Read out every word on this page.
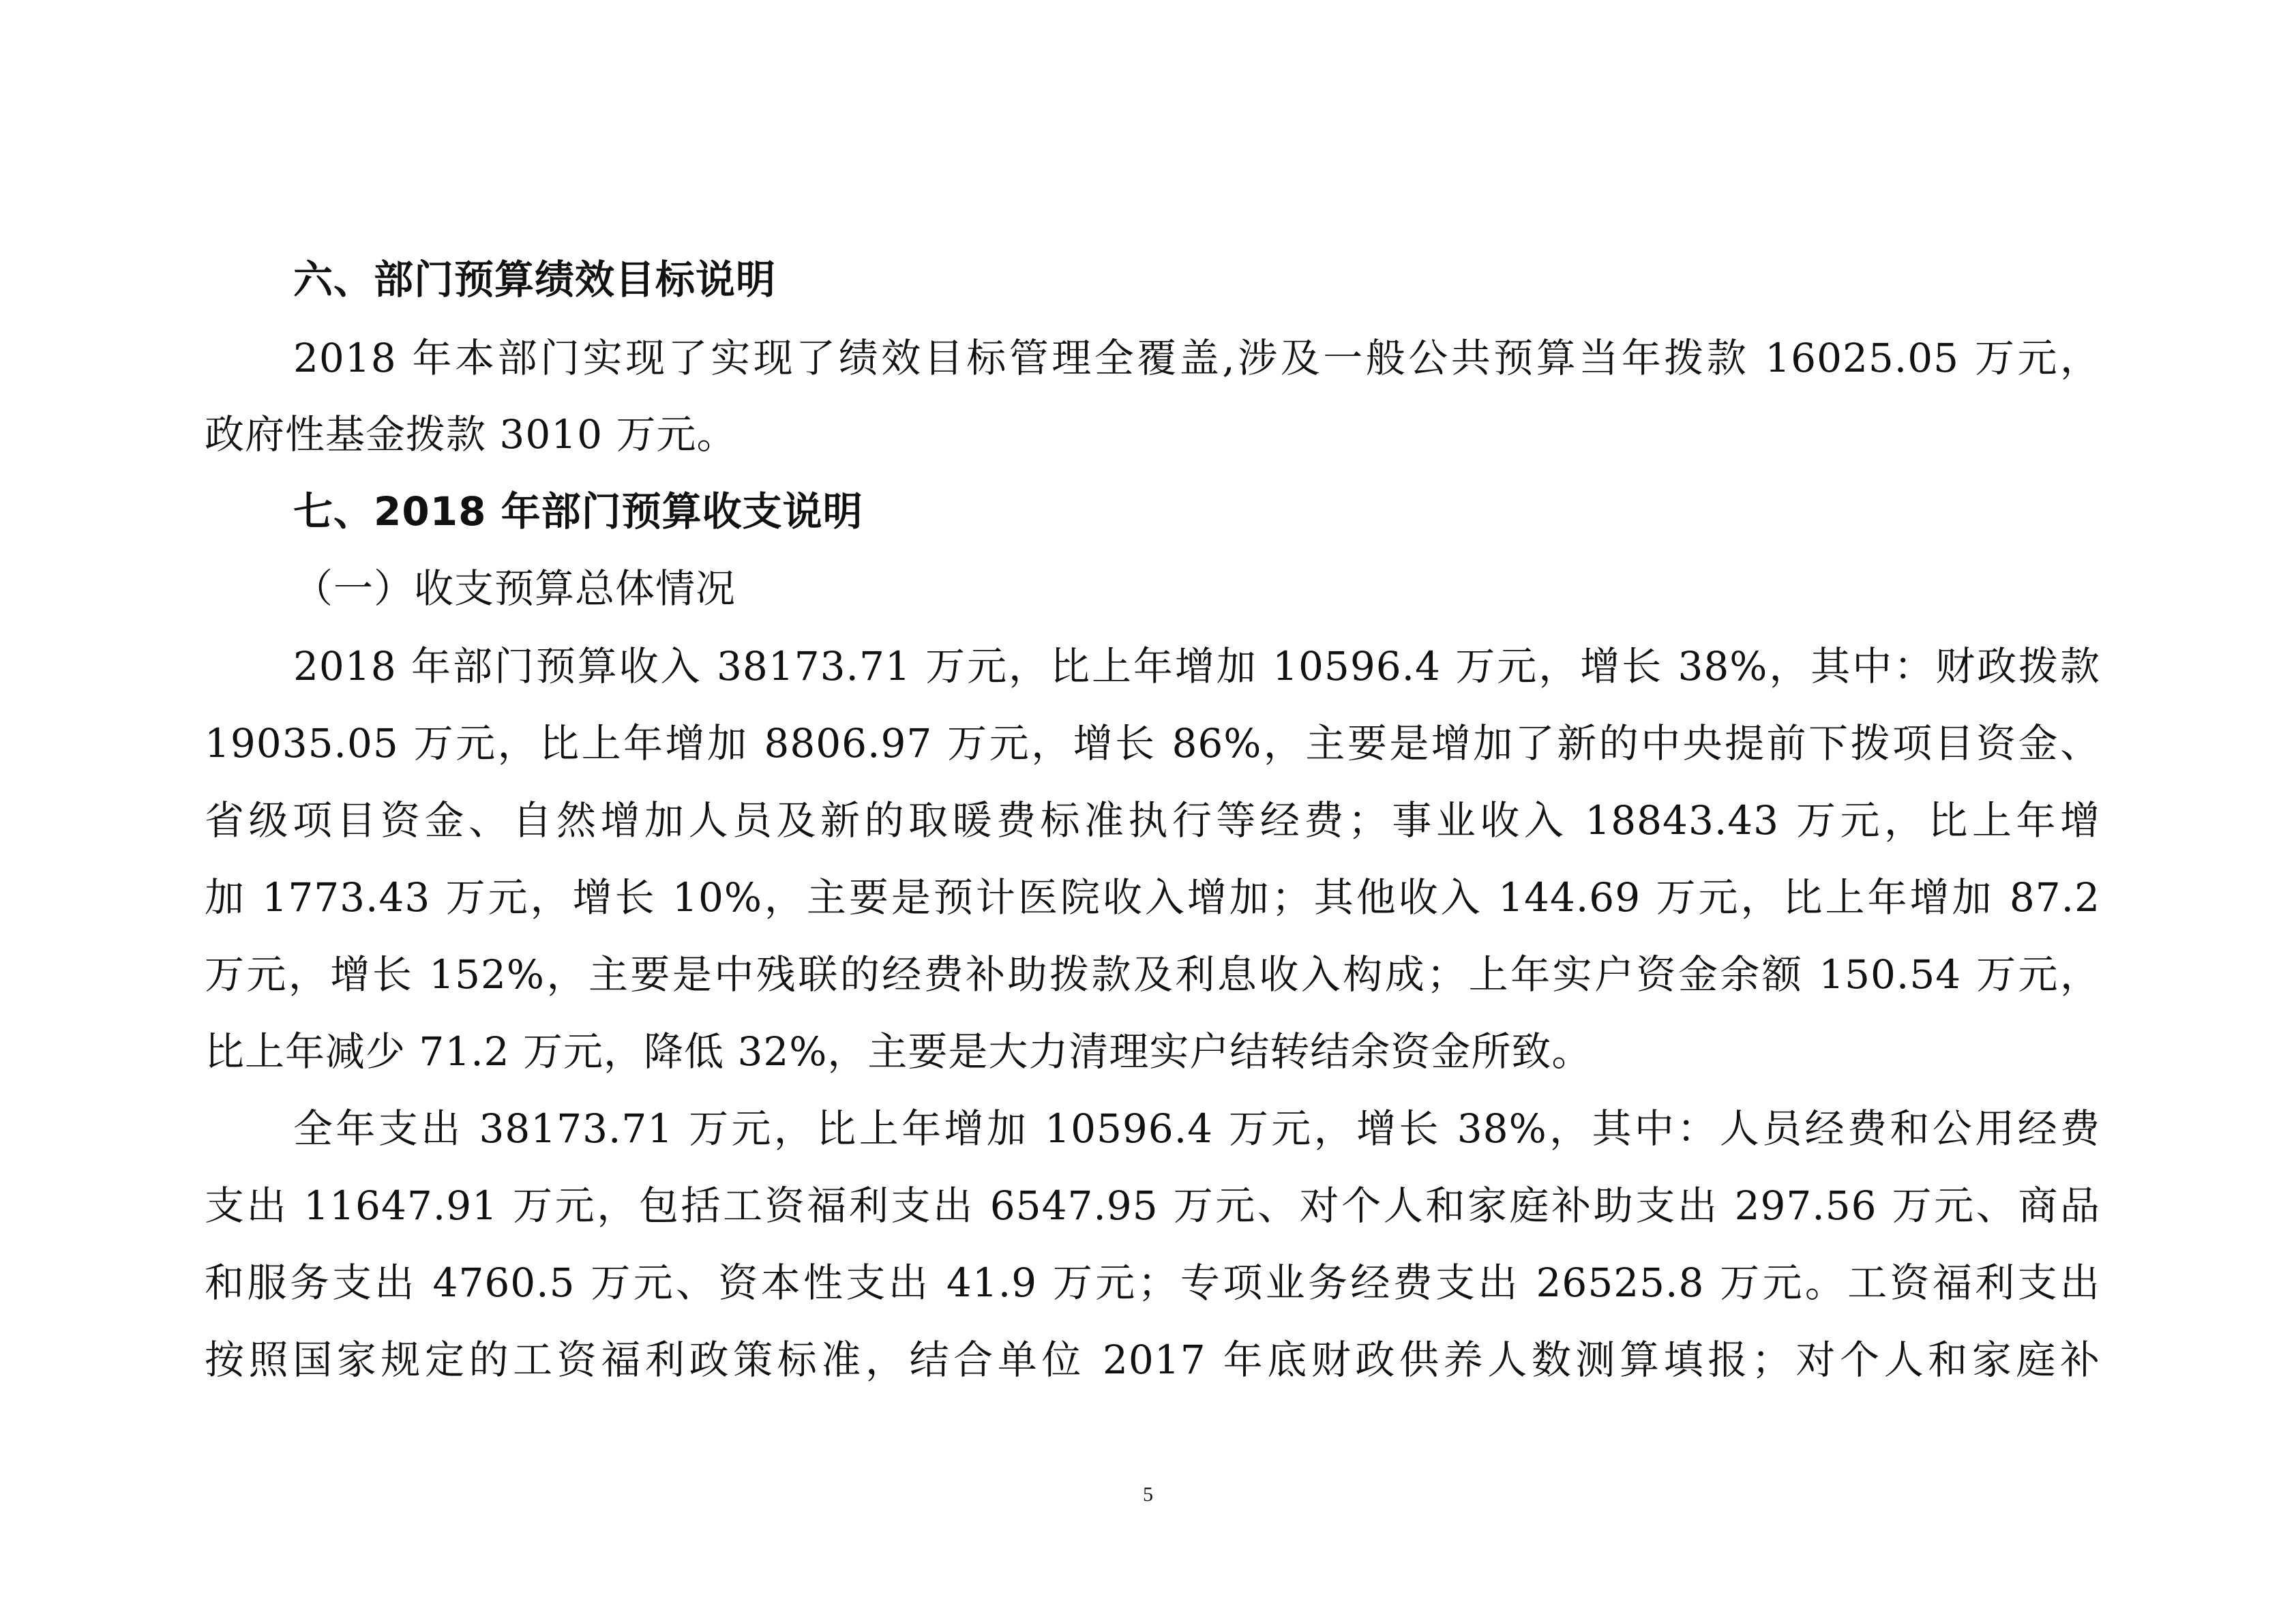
六、部门预算绩效目标说明
2018 年本部门实现了实现了绩效目标管理全覆盖,涉及一般公共预算当年拨款 16025.05 万元，
政府性基金拨款 3010 万元。
七、2018 年部门预算收支说明
（一）收支预算总体情况
2018 年部门预算收入 38173.71 万元，比上年增加 10596.4 万元，增长 38%，其中：财政拨款
19035.05 万元，比上年增加 8806.97 万元，增长 86%，主要是增加了新的中央提前下拨项目资金、
省级项目资金、自然增加人员及新的取暖费标准执行等经费；事业收入 18843.43 万元，比上年增
加 1773.43 万元，增长 10%，主要是预计医院收入增加；其他收入 144.69 万元，比上年增加 87.2
万元，增长 152%，主要是中残联的经费补助拨款及利息收入构成；上年实户资金余额 150.54 万元，
比上年减少 71.2 万元，降低 32%，主要是大力清理实户结转结余资金所致。
全年支出 38173.71 万元，比上年增加 10596.4 万元，增长 38%，其中：人员经费和公用经费
支出 11647.91 万元，包括工资福利支出 6547.95 万元、对个人和家庭补助支出 297.56 万元、商品
和服务支出 4760.5 万元、资本性支出 41.9 万元；专项业务经费支出 26525.8 万元。工资福利支出
按照国家规定的工资福利政策标准，结合单位 2017 年底财政供养人数测算填报；对个人和家庭补
5
